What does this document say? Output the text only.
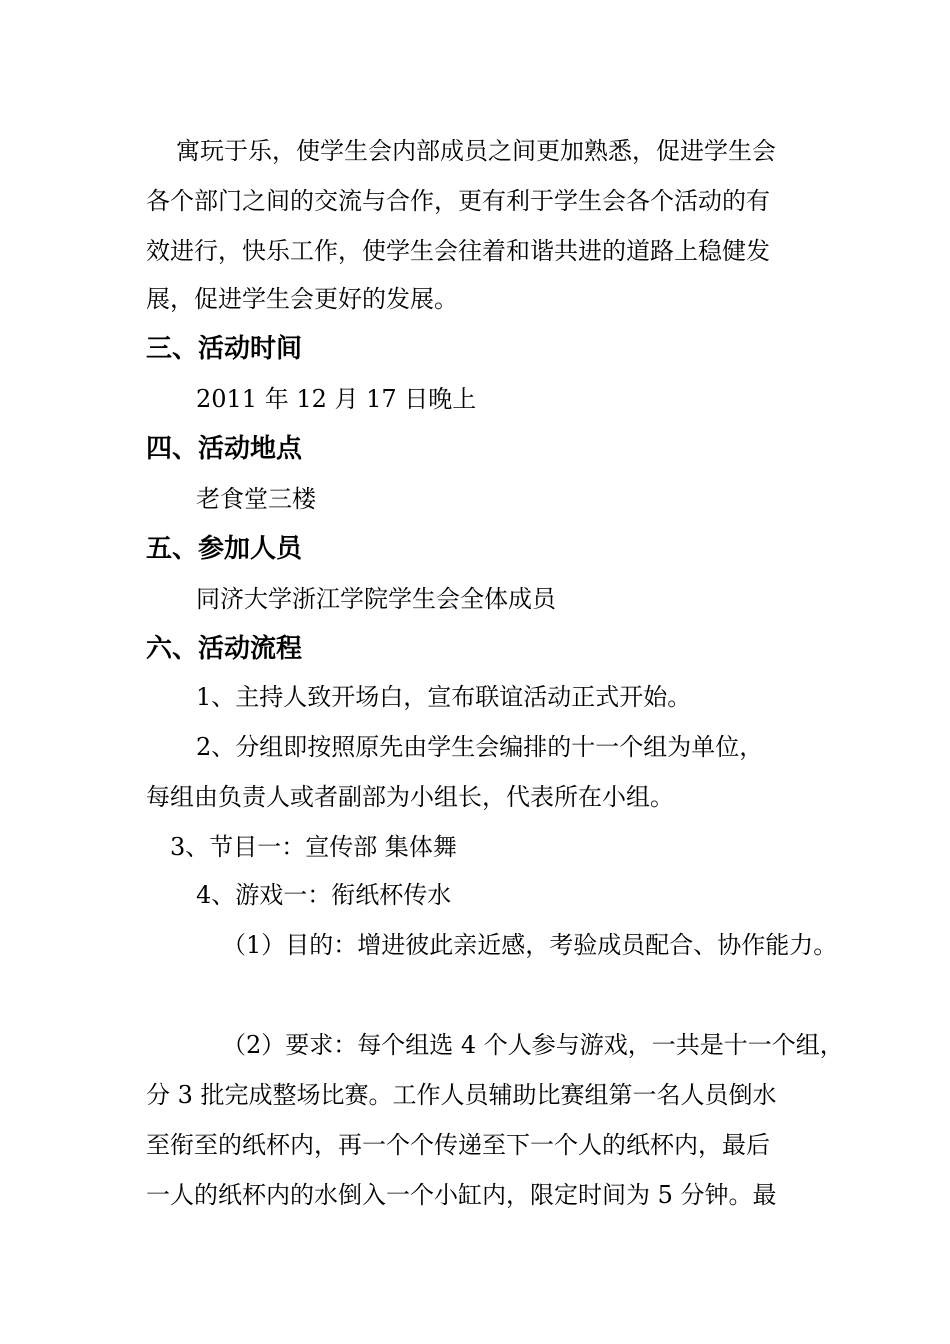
寓玩于乐，使学生会内部成员之间更加熟悉，促进学生会
各个部门之间的交流与合作，更有利于学生会各个活动的有
效进行，快乐工作，使学生会往着和谐共进的道路上稳健发
展，促进学生会更好的发展。
三、活动时间
2011 年 12 月 17 日晚上
四、活动地点
老食堂三楼
五、参加人员
同济大学浙江学院学生会全体成员
六、活动流程
1、主持人致开场白，宣布联谊活动正式开始。
2、分组即按照原先由学生会编排的十一个组为单位，
每组由负责人或者副部为小组长，代表所在小组。
3、节目一：宣传部 集体舞
4、游戏一：衔纸杯传水
（1）目的：增进彼此亲近感，考验成员配合、协作能力。
（2）要求：每个组选 4 个人参与游戏，一共是十一个组，
分 3 批完成整场比赛。工作人员辅助比赛组第一名人员倒水
至衔至的纸杯内，再一个个传递至下一个人的纸杯内，最后
一人的纸杯内的水倒入一个小缸内，限定时间为 5 分钟。最
